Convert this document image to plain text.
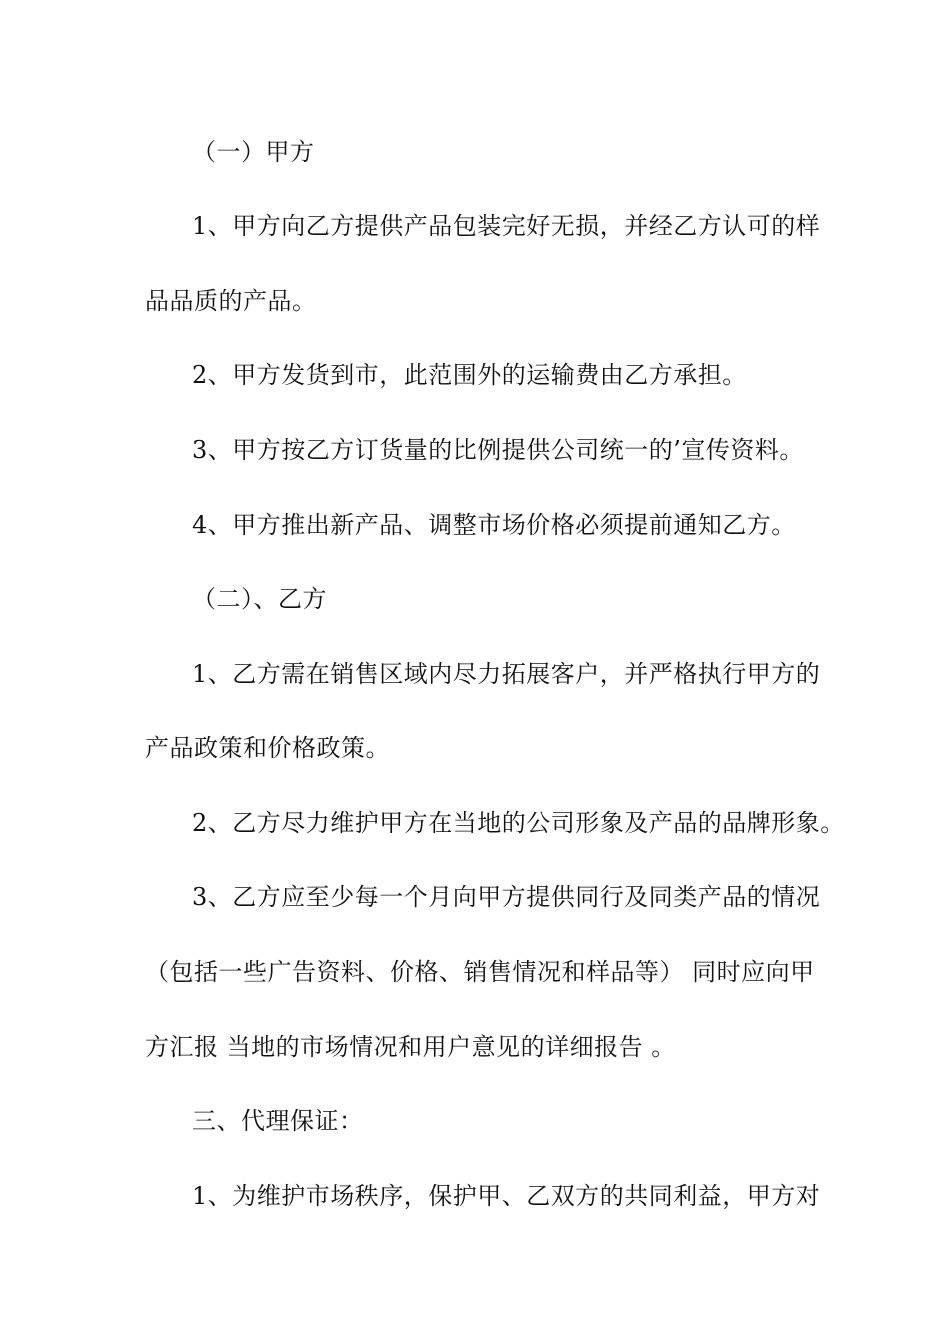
（一）甲方
1、甲方向乙方提供产品包装完好无损，并经乙方认可的样
品品质的产品。
2、甲方发货到市，此范围外的运输费由乙方承担。
3、甲方按乙方订货量的比例提供公司统一的’宣传资料。
4、甲方推出新产品、调整市场价格必须提前通知乙方。
（二）、乙方
1、乙方需在销售区域内尽力拓展客户，并严格执行甲方的
产品政策和价格政策。
2、乙方尽力维护甲方在当地的公司形象及产品的品牌形象。
3、乙方应至少每一个月向甲方提供同行及同类产品的情况
（包括一些广告资料、价格、销售情况和样品等） 同时应向甲
方汇报 当地的市场情况和用户意见的详细报告 。
三、代理保证：
1、为维护市场秩序，保护甲、乙双方的共同利益，甲方对
